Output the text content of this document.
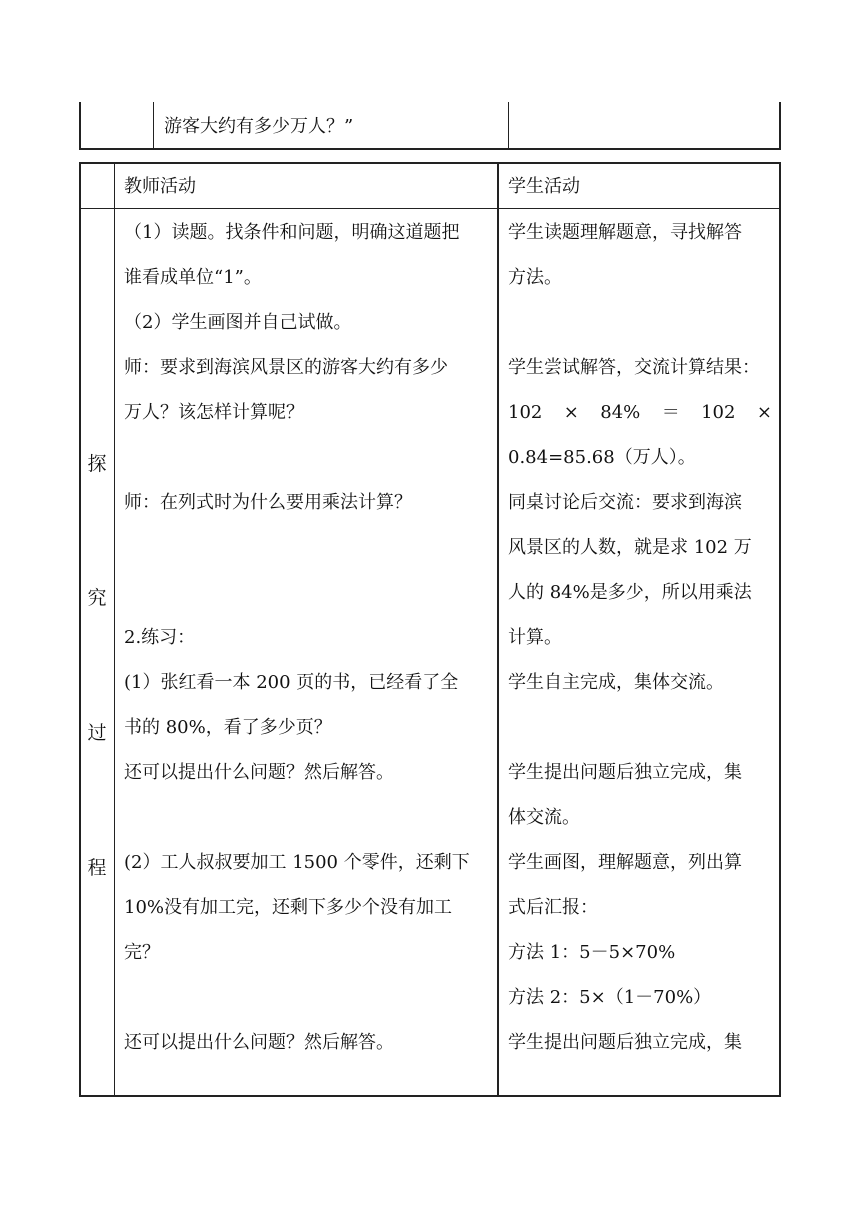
游客大约有多少万人？”
教师活动	学生活动
探
究
过
程
（1）读题。找条件和问题，明确这道题把
谁看成单位“1”。
（2）学生画图并自己试做。
师：要求到海滨风景区的游客大约有多少
万人？该怎样计算呢？
师：在列式时为什么要用乘法计算？
2.练习：
(1）张红看一本 200 页的书，已经看了全
书的 80%，看了多少页？
还可以提出什么问题？然后解答。
(2）工人叔叔要加工 1500 个零件，还剩下
10%没有加工完，还剩下多少个没有加工
完？
还可以提出什么问题？然后解答。
学生读题理解题意，寻找解答
方法。
学生尝试解答，交流计算结果：
102 × 84% ＝ 102 ×
0.84=85.68（万人）。
同桌讨论后交流：要求到海滨
风景区的人数，就是求 102 万
人的 84%是多少，所以用乘法
计算。
学生自主完成，集体交流。
学生提出问题后独立完成，集
体交流。
学生画图，理解题意，列出算
式后汇报：
方法 1：5－5×70%
方法 2：5×（1－70%）
学生提出问题后独立完成，集
